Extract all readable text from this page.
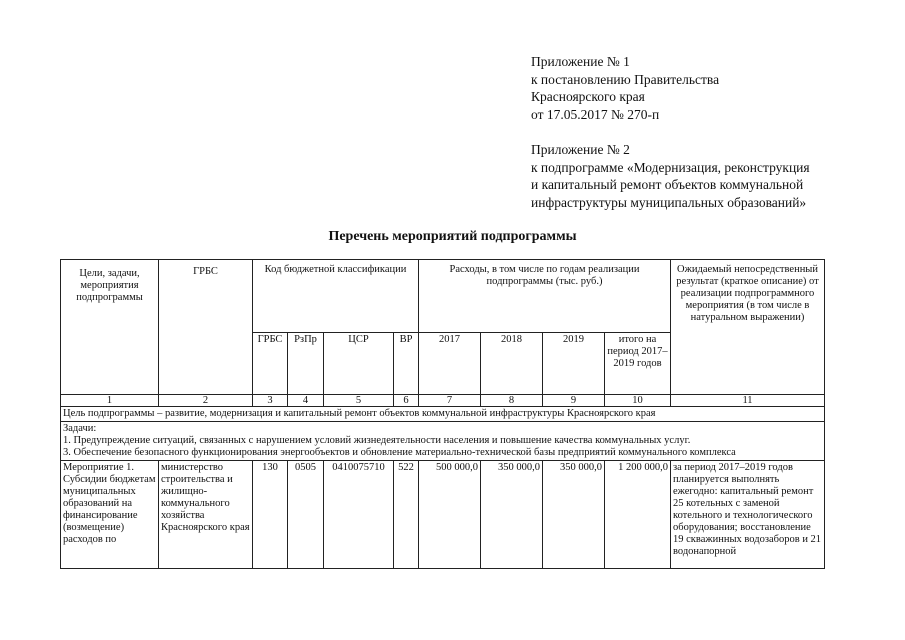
Приложение № 1
к постановлению Правительства
Красноярского края
от 17.05.2017 № 270-п
Приложение № 2
к подпрограмме «Модернизация, реконструкция
и капитальный ремонт объектов коммунальной
инфраструктуры муниципальных образований»
Перечень мероприятий подпрограммы
Цели, задачи, мероприятия подпрограммы	ГРБС	Код бюджетной классификации				Расходы, в том числе по годам реализации подпрограммы (тыс. руб.)				Ожидаемый непосредственный результат (краткое описание) от реализации подпрограммного мероприятия (в том числе в натуральном выражении)
		ГРБС	РзПр	ЦСР	ВР	2017	2018	2019	итого на период 2017–2019 годов	
1	2	3	4	5	6	7	8	9	10	11
Цель подпрограммы – развитие, модернизация и капитальный ремонт объектов коммунальной инфраструктуры Красноярского края										

Задачи:
1. Предупреждение ситуаций, связанных с нарушением условий жизнедеятельности населения и повышение качества коммунальных услуг.
3. Обеспечение безопасного функционирования энергообъектов и обновление материально-технической базы предприятий коммунального комплекса										

Мероприятие 1. Субсидии бюджетам муниципальных образований на финансирование (возмещение) расходов по	министерство строительства и жилищно-коммунального хозяйства Красноярского края	130	0505	0410075710	522	500 000,0	350 000,0	350 000,0	1 200 000,0	за период 2017–2019 годов планируется выполнять ежегодно: капитальный ремонт 25 котельных с заменой котельного и технологического оборудования; восстановление 19 скважинных водозаборов и 21 водонапорной
